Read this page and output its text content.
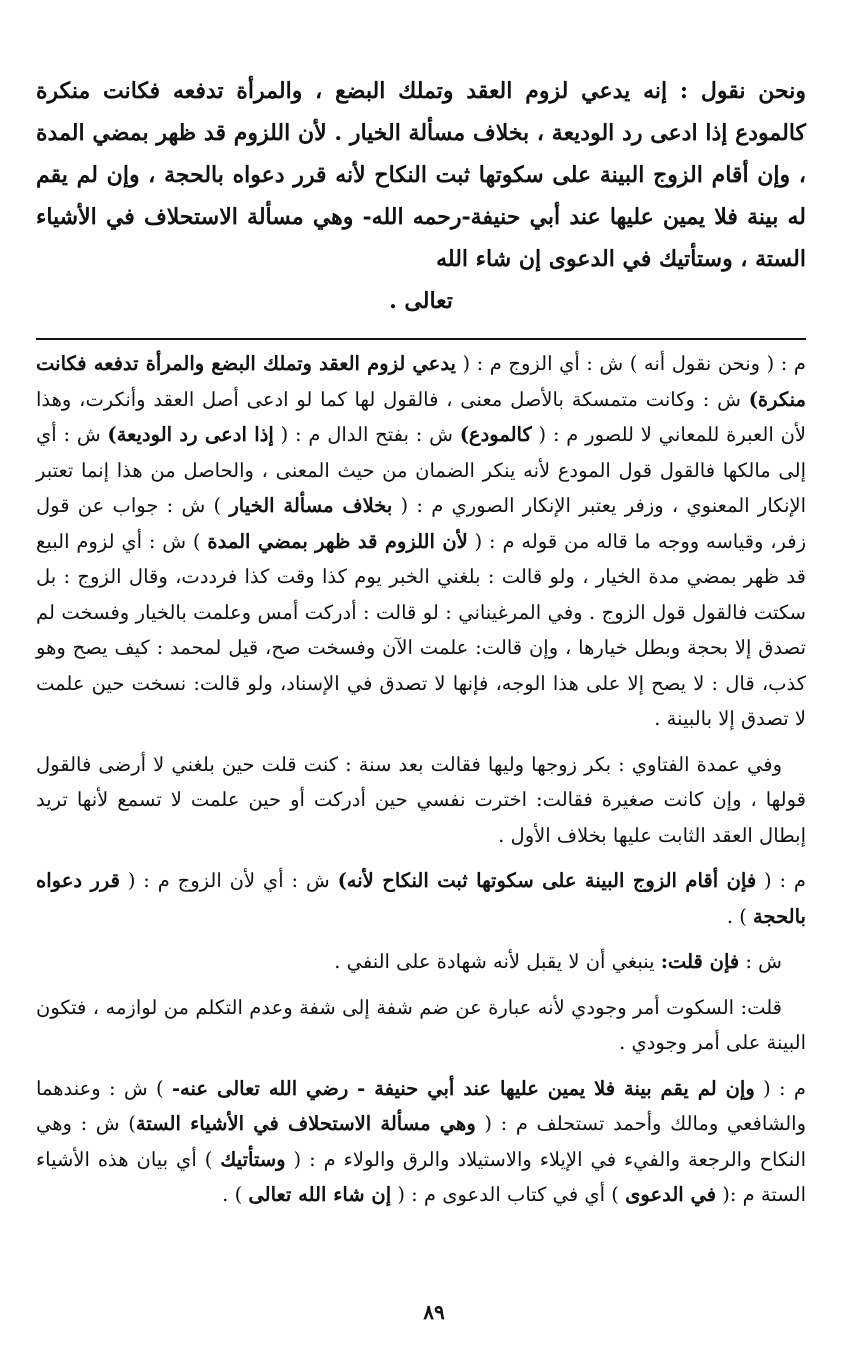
ونحن نقول : إنه يدعي لزوم العقد وتملك البضع ، والمرأة تدفعه فكانت منكرة كالمودع إذا ادعى رد الوديعة ، بخلاف مسألة الخيار . لأن اللزوم قد ظهر بمضي المدة ، وإن أقام الزوج البينة على سكوتها ثبت النكاح لأنه قرر دعواه بالحجة ، وإن لم يقم له بينة فلا يمين عليها عند أبي حنيفة-رحمه الله- وهي مسألة الاستحلاف في الأشياء الستة ، وستأتيك في الدعوى إن شاء الله
تعالى .

م : ( ونحن نقول أنه ) ش : أي الزوج م : ( يدعي لزوم العقد وتملك البضع والمرأة تدفعه فكانت منكرة) ش : وكانت متمسكة بالأصل معنى ، فالقول لها كما لو ادعى أصل العقد وأنكرت، وهذا لأن العبرة للمعاني لا للصور م : ( كالمودع) ش : بفتح الدال م : ( إذا ادعى رد الوديعة) ش : أي إلى مالكها فالقول قول المودع لأنه ينكر الضمان من حيث المعنى ، والحاصل من هذا إنما تعتبر الإنكار المعنوي ، وزفر يعتبر الإنكار الصوري م : ( بخلاف مسألة الخيار ) ش : جواب عن قول زفر، وقياسه ووجه ما قاله من قوله م : ( لأن اللزوم قد ظهر بمضي المدة ) ش : أي لزوم البيع قد ظهر بمضي مدة الخيار ، ولو قالت : بلغني الخبر يوم كذا وقت كذا فرددت، وقال الزوج : بل سكتت فالقول قول الزوج . وفي المرغيناني : لو قالت : أدركت أمس وعلمت بالخيار وفسخت لم تصدق إلا بحجة وبطل خيارها ، وإن قالت: علمت الآن وفسخت صح، قيل لمحمد : كيف يصح وهو كذب، قال : لا يصح إلا على هذا الوجه، فإنها لا تصدق في الإسناد، ولو قالت: نسخت حين علمت لا تصدق إلا بالبينة .

وفي عمدة الفتاوي : بكر زوجها وليها فقالت بعد سنة : كنت قلت حين بلغني لا أرضى فالقول قولها ، وإن كانت صغيرة فقالت: اخترت نفسي حين أدركت أو حين علمت لا تسمع لأنها تريد إبطال العقد الثابت عليها بخلاف الأول .

م : ( فإن أقام الزوج البينة على سكوتها ثبت النكاح لأنه) ش : أي لأن الزوج م : ( قرر دعواه بالحجة ) .

ش : فإن قلت: ينبغي أن لا يقبل لأنه شهادة على النفي .

قلت: السكوت أمر وجودي لأنه عبارة عن ضم شفة إلى شفة وعدم التكلم من لوازمه ، فتكون البينة على أمر وجودي .

م : ( وإن لم يقم بينة فلا يمين عليها عند أبي حنيفة - رضي الله تعالى عنه- ) ش : وعندهما والشافعي ومالك وأحمد تستحلف م : ( وهي مسألة الاستحلاف في الأشياء الستة) ش : وهي النكاح والرجعة والفيء في الإيلاء والاستيلاد والرق والولاء م : ( وستأتيك ) أي بيان هذه الأشياء الستة م :( في الدعوى ) أي في كتاب الدعوى م : ( إن شاء الله تعالى ) .

٨٩
